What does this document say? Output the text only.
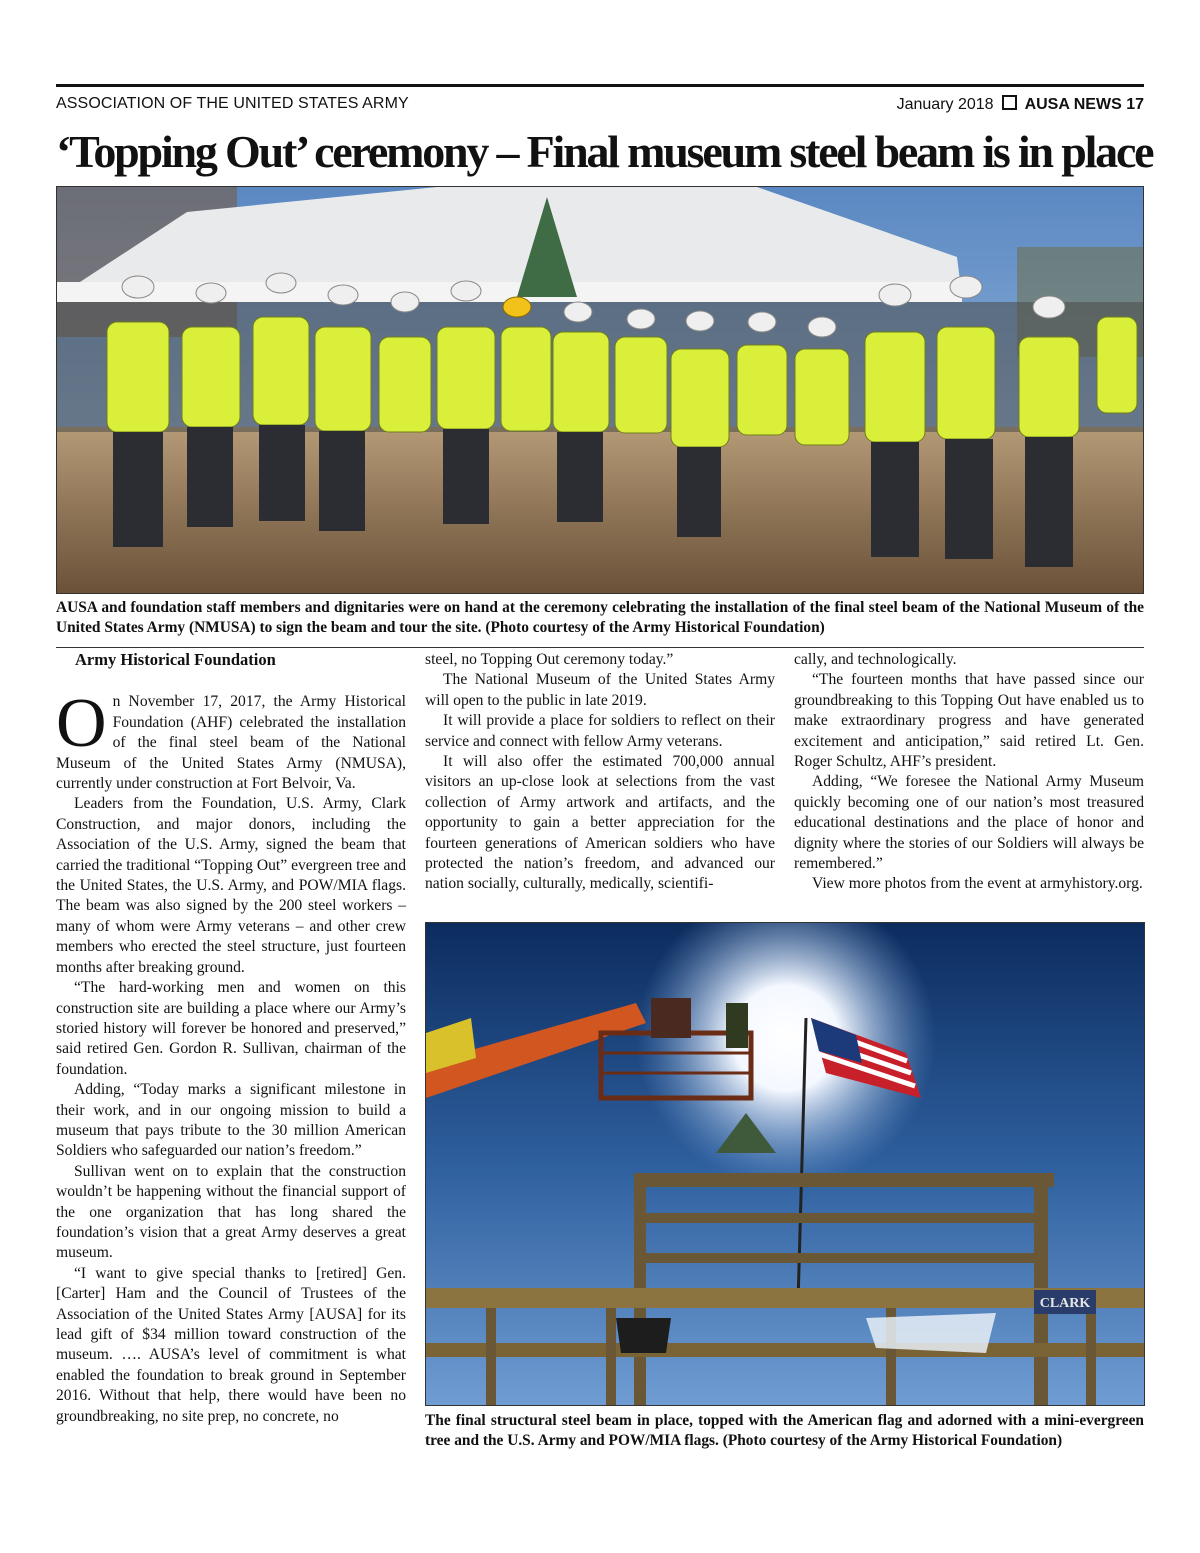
ASSOCIATION OF THE UNITED STATES ARMY	January 2018 AUSA NEWS 17
‘Topping Out’ ceremony – Final museum steel beam is in place
AUSA and foundation staff members and dignitaries were on hand at the ceremony celebrating the installation of the final steel beam of the National Museum of the United States Army (NMUSA) to sign the beam and tour the site. (Photo courtesy of the Army Historical Foundation)

Army Historical Foundation

On November 17, 2017, the Army Historical Foundation (AHF) celebrated the installation of the final steel beam of the National Museum of the United States Army (NMUSA), currently under construction at Fort Belvoir, Va.

Leaders from the Foundation, U.S. Army, Clark Construction, and major donors, including the Association of the U.S. Army, signed the beam that carried the traditional “Topping Out” evergreen tree and the United States, the U.S. Army, and POW/MIA flags. The beam was also signed by the 200 steel workers – many of whom were Army veterans – and other crew members who erected the steel structure, just fourteen months after breaking ground.

“The hard-working men and women on this construction site are building a place where our Army’s storied history will forever be honored and preserved,” said retired Gen. Gordon R. Sullivan, chairman of the foundation.

Adding, “Today marks a significant milestone in their work, and in our ongoing mission to build a museum that pays tribute to the 30 million American Soldiers who safeguarded our nation’s freedom.”

Sullivan went on to explain that the construction wouldn’t be happening without the financial support of the one organization that has long shared the foundation’s vision that a great Army deserves a great museum.

“I want to give special thanks to [retired] Gen. [Carter] Ham and the Council of Trustees of the Association of the United States Army [AUSA] for its lead gift of $34 million toward construction of the museum. …. AUSA’s level of commitment is what enabled the foundation to break ground in September 2016. Without that help, there would have been no groundbreaking, no site prep, no concrete, no

steel, no Topping Out ceremony today.”

The National Museum of the United States Army will open to the public in late 2019.

It will provide a place for soldiers to reflect on their service and connect with fellow Army veterans.

It will also offer the estimated 700,000 annual visitors an up-close look at selections from the vast collection of Army artwork and artifacts, and the opportunity to gain a better appreciation for the fourteen generations of American soldiers who have protected the nation’s freedom, and advanced our nation socially, culturally, medically, scientifi-

cally, and technologically.

“The fourteen months that have passed since our groundbreaking to this Topping Out have enabled us to make extraordinary progress and have generated excitement and anticipation,” said retired Lt. Gen. Roger Schultz, AHF’s president.

Adding, “We foresee the National Army Museum quickly becoming one of our nation’s most treasured educational destinations and the place of honor and dignity where the stories of our Soldiers will always be remembered.”

View more photos from the event at armyhistory.org.

CLARK
The final structural steel beam in place, topped with the American flag and adorned with a mini-evergreen tree and the U.S. Army and POW/MIA flags. (Photo courtesy of the Army Historical Foundation)
